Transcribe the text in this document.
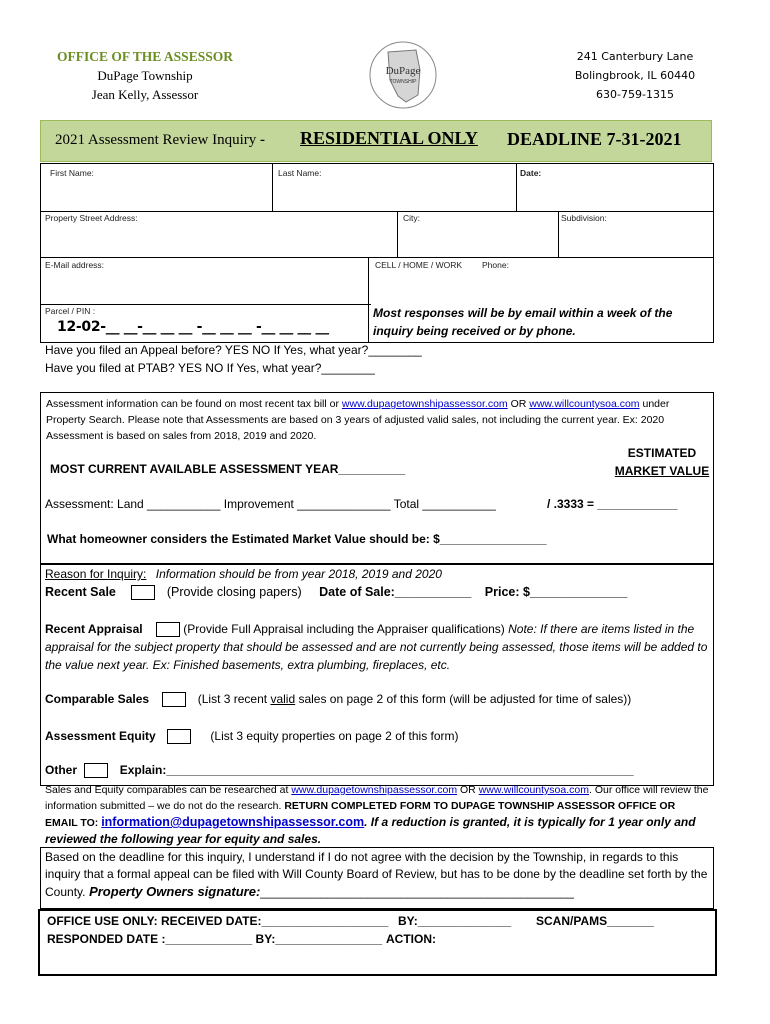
OFFICE OF THE ASSESSOR
DuPage Township
Jean Kelly, Assessor
DuPage
TOWNSHIP
241 Canterbury Lane
Bolingbrook, IL 60440
630-759-1315
2021 Assessment Review Inquiry - RESIDENTIAL ONLY DEADLINE 7-31-2021
First Name:	Last Name:	Date:
Property Street Address:	City:	Subdivision:
E-Mail address:	CELL / HOME / WORK Phone:
Parcel / PIN :
12-02-__ __-__ __ __ -__ __ __ -__ __ __ __
Most responses will be by email within a week of the inquiry being received or by phone.
Have you filed an Appeal before? YES NO If Yes, what year?________
Have you filed at PTAB? YES NO If Yes, what year?________
Assessment information can be found on most recent tax bill or www.dupagetownshipassessor.com OR www.willcountysoa.com under Property Search. Please note that Assessments are based on 3 years of adjusted valid sales, not including the current year. Ex: 2020 Assessment is based on sales from 2018, 2019 and 2020.
ESTIMATED
MARKET VALUE
MOST CURRENT AVAILABLE ASSESSMENT YEAR__________
Assessment: Land ___________ Improvement ______________ Total ___________	/ .3333 = ____________
What homeowner considers the Estimated Market Value should be: $________________
Reason for Inquiry: Information should be from year 2018, 2019 and 2020
Recent Sale	(Provide closing papers) Date of Sale:___________ Price: $______________
Recent Appraisal	(Provide Full Appraisal including the Appraiser qualifications) Note: If there are items listed in the appraisal for the subject property that should be assessed and are not currently being assessed, those items will be added to the value next year. Ex: Finished basements, extra plumbing, fireplaces, etc.
Comparable Sales	(List 3 recent valid sales on page 2 of this form (will be adjusted for time of sales))
Assessment Equity	(List 3 equity properties on page 2 of this form)
Other	Explain:______________________________________________________________________
Sales and Equity comparables can be researched at www.dupagetownshipassessor.com OR www.willcountysoa.com. Our office will review the information submitted – we do not do the research. RETURN COMPLETED FORM TO DUPAGE TOWNSHIP ASSESSOR OFFICE OR EMAIL TO: information@dupagetownshipassessor.com. If a reduction is granted, it is typically for 1 year only and reviewed the following year for equity and sales.
Based on the deadline for this inquiry, I understand if I do not agree with the decision by the Township, in regards to this inquiry that a formal appeal can be filed with Will County Board of Review, but has to be done by the deadline set forth by the County. Property Owners signature:_______________________________________________
OFFICE USE ONLY: RECEIVED DATE:___________________ BY:______________ SCAN/PAMS_______
RESPONDED DATE :_____________ BY:________________ ACTION:
